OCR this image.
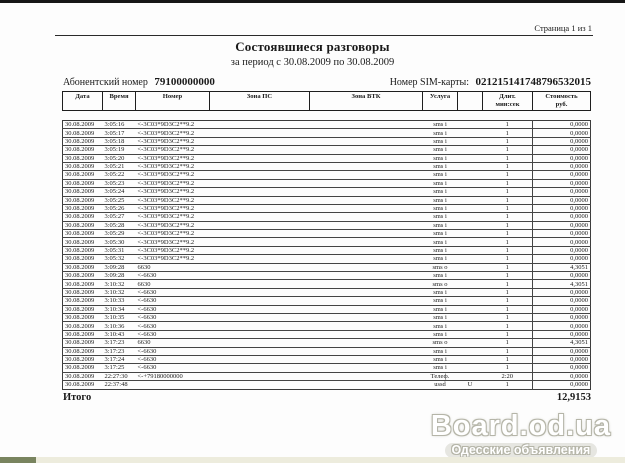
Страница 1 из 1
Состоявшиеся разговоры
за период с 30.08.2009 по 30.08.2009
Абонентский номер 79100000000	Номер SIM-карты: 021215141748796532015
Дата	Время	Номер	Зона ПС	Зона ВТК	Услуга		Длит.
мин:сек	Стоимость
руб.
30.08.2009	3:05:16	<-3C03*9D3C2**9.2			sms i		1	0,0000
30.08.2009	3:05:17	<-3C03*9D3C2**9.2			sms i		1	0,0000
30.08.2009	3:05:18	<-3C03*9D3C2**9.2			sms i		1	0,0000
30.08.2009	3:05:19	<-3C03*9D3C2**9.2			sms i		1	0,0000
30.08.2009	3:05:20	<-3C03*9D3C2**9.2			sms i		1	0,0000
30.08.2009	3:05:21	<-3C03*9D3C2**9.2			sms i		1	0,0000
30.08.2009	3:05:22	<-3C03*9D3C2**9.2			sms i		1	0,0000
30.08.2009	3:05:23	<-3C03*9D3C2**9.2			sms i		1	0,0000
30.08.2009	3:05:24	<-3C03*9D3C2**9.2			sms i		1	0,0000
30.08.2009	3:05:25	<-3C03*9D3C2**9.2			sms i		1	0,0000
30.08.2009	3:05:26	<-3C03*9D3C2**9.2			sms i		1	0,0000
30.08.2009	3:05:27	<-3C03*9D3C2**9.2			sms i		1	0,0000
30.08.2009	3:05:28	<-3C03*9D3C2**9.2			sms i		1	0,0000
30.08.2009	3:05:29	<-3C03*9D3C2**9.2			sms i		1	0,0000
30.08.2009	3:05:30	<-3C03*9D3C2**9.2			sms i		1	0,0000
30.08.2009	3:05:31	<-3C03*9D3C2**9.2			sms i		1	0,0000
30.08.2009	3:05:32	<-3C03*9D3C2**9.2			sms i		1	0,0000
30.08.2009	3:09:28	6630			sms o		1	4,3051
30.08.2009	3:09:28	<-6630			sms i		1	0,0000
30.08.2009	3:10:32	6630			sms o		1	4,3051
30.08.2009	3:10:32	<-6630			sms i		1	0,0000
30.08.2009	3:10:33	<-6630			sms i		1	0,0000
30.08.2009	3:10:34	<-6630			sms i		1	0,0000
30.08.2009	3:10:35	<-6630			sms i		1	0,0000
30.08.2009	3:10:36	<-6630			sms i		1	0,0000
30.08.2009	3:10:43	<-6630			sms i		1	0,0000
30.08.2009	3:17:23	6630			sms o		1	4,3051
30.08.2009	3:17:23	<-6630			sms i		1	0,0000
30.08.2009	3:17:24	<-6630			sms i		1	0,0000
30.08.2009	3:17:25	<-6630			sms i		1	0,0000
30.08.2009	22:27:30	<-+79180000000			Телеф.		2:20	0,0000
30.08.2009	22:37:48				ussd	U	1	0,0000
Итого	12,9153
Board.od.ua
Одесские объявления
